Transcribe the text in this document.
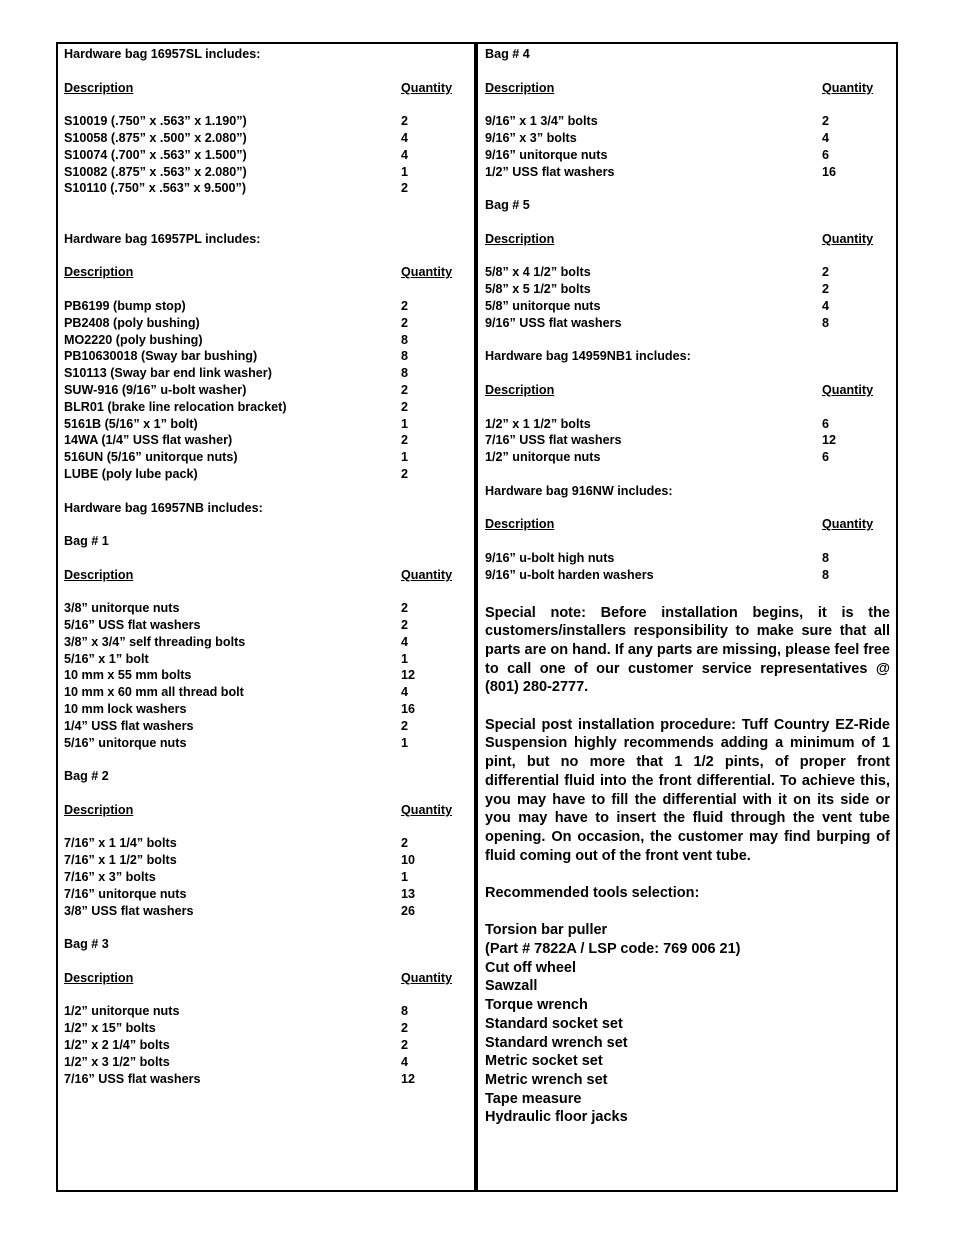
Hardware bag 16957SL includes:
Description	Quantity
S10019 (.750” x .563” x 1.190”)	2
S10058 (.875” x .500” x 2.080”)	4
S10074 (.700” x .563” x 1.500”)	4
S10082 (.875” x .563” x 2.080”)	1
S10110 (.750” x .563” x 9.500”)	2
Hardware bag 16957PL includes:
Description	Quantity
PB6199 (bump stop)	2
PB2408 (poly bushing)	2
MO2220 (poly bushing)	8
PB10630018 (Sway bar bushing)	8
S10113 (Sway bar end link washer)	8
SUW-916 (9/16” u-bolt washer)	2
BLR01 (brake line relocation bracket)	2
5161B (5/16” x 1” bolt)	1
14WA (1/4” USS flat washer)	2
516UN (5/16” unitorque nuts)	1
LUBE (poly lube pack)	2
Hardware bag 16957NB includes:
Bag # 1
Description	Quantity
3/8” unitorque nuts	2
5/16” USS flat washers	2
3/8” x 3/4” self threading bolts	4
5/16” x 1” bolt	1
10 mm x 55 mm bolts	12
10 mm x 60 mm all thread bolt	4
10 mm lock washers	16
1/4” USS flat washers	2
5/16” unitorque nuts	1
Bag # 2
Description	Quantity
7/16” x 1 1/4” bolts	2
7/16” x 1 1/2” bolts	10
7/16” x 3” bolts	1
7/16” unitorque nuts	13
3/8” USS flat washers	26
Bag # 3
Description	Quantity
1/2” unitorque nuts	8
1/2” x 15” bolts	2
1/2” x 2 1/4” bolts	2
1/2” x 3 1/2” bolts	4
7/16” USS flat washers	12
Bag # 4
Description	Quantity
9/16” x 1 3/4” bolts	2
9/16” x 3” bolts	4
9/16” unitorque nuts	6
1/2” USS flat washers	16
Bag # 5
Description	Quantity
5/8” x 4 1/2” bolts	2
5/8” x 5 1/2” bolts	2
5/8” unitorque nuts	4
9/16” USS flat washers	8
Hardware bag 14959NB1 includes:
Description	Quantity
1/2” x 1 1/2” bolts	6
7/16” USS flat washers	12
1/2” unitorque nuts	6
Hardware bag 916NW includes:
Description	Quantity
9/16” u-bolt high nuts	8
9/16” u-bolt harden washers	8

Special note: Before installation begins, it is the customers/installers responsibility to make sure that all parts are on hand. If any parts are missing, please feel free to call one of our customer service representatives @ (801) 280-2777.

Special post installation procedure: Tuff Country EZ-Ride Suspension highly recommends adding a minimum of 1 pint, but no more that 1 1/2 pints, of proper front differential fluid into the front differential. To achieve this, you may have to fill the differential with it on its side or you may have to insert the fluid through the vent tube opening. On occasion, the customer may find burping of fluid coming out of the front vent tube.

Recommended tools selection:
Torsion bar puller
(Part # 7822A / LSP code: 769 006 21)
Cut off wheel
Sawzall
Torque wrench
Standard socket set
Standard wrench set
Metric socket set
Metric wrench set
Tape measure
Hydraulic floor jacks
